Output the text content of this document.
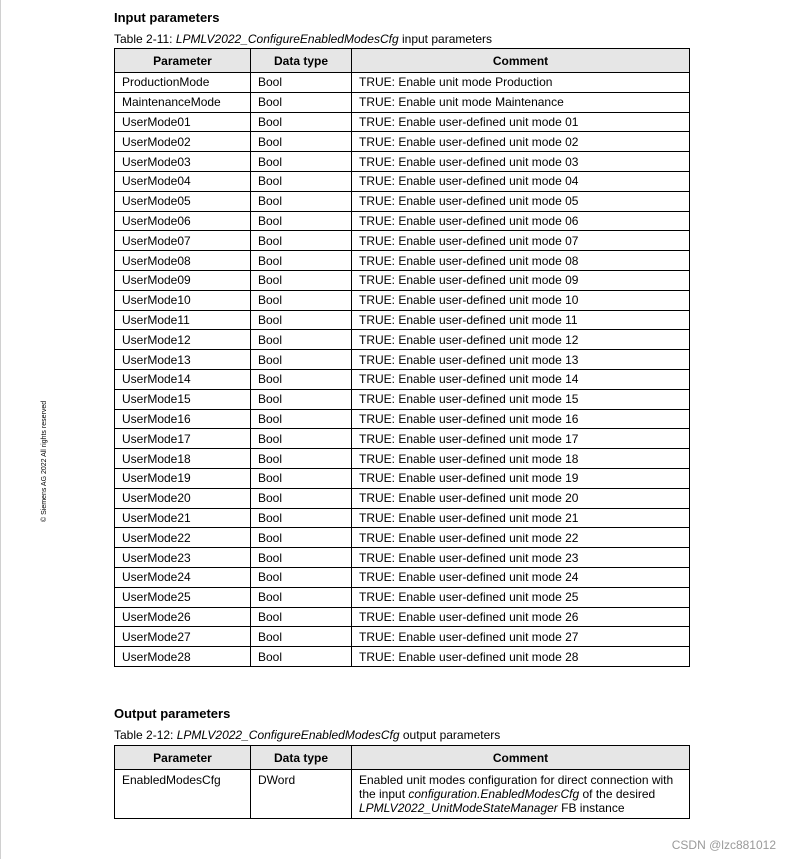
© Siemens AG 2022 All rights reserved
Input parameters
Table 2-11: LPMLV2022_ConfigureEnabledModesCfg input parameters
Parameter	Data type	Comment
ProductionMode	Bool	TRUE: Enable unit mode Production
MaintenanceMode	Bool	TRUE: Enable unit mode Maintenance
UserMode01	Bool	TRUE: Enable user-defined unit mode 01
UserMode02	Bool	TRUE: Enable user-defined unit mode 02
UserMode03	Bool	TRUE: Enable user-defined unit mode 03
UserMode04	Bool	TRUE: Enable user-defined unit mode 04
UserMode05	Bool	TRUE: Enable user-defined unit mode 05
UserMode06	Bool	TRUE: Enable user-defined unit mode 06
UserMode07	Bool	TRUE: Enable user-defined unit mode 07
UserMode08	Bool	TRUE: Enable user-defined unit mode 08
UserMode09	Bool	TRUE: Enable user-defined unit mode 09
UserMode10	Bool	TRUE: Enable user-defined unit mode 10
UserMode11	Bool	TRUE: Enable user-defined unit mode 11
UserMode12	Bool	TRUE: Enable user-defined unit mode 12
UserMode13	Bool	TRUE: Enable user-defined unit mode 13
UserMode14	Bool	TRUE: Enable user-defined unit mode 14
UserMode15	Bool	TRUE: Enable user-defined unit mode 15
UserMode16	Bool	TRUE: Enable user-defined unit mode 16
UserMode17	Bool	TRUE: Enable user-defined unit mode 17
UserMode18	Bool	TRUE: Enable user-defined unit mode 18
UserMode19	Bool	TRUE: Enable user-defined unit mode 19
UserMode20	Bool	TRUE: Enable user-defined unit mode 20
UserMode21	Bool	TRUE: Enable user-defined unit mode 21
UserMode22	Bool	TRUE: Enable user-defined unit mode 22
UserMode23	Bool	TRUE: Enable user-defined unit mode 23
UserMode24	Bool	TRUE: Enable user-defined unit mode 24
UserMode25	Bool	TRUE: Enable user-defined unit mode 25
UserMode26	Bool	TRUE: Enable user-defined unit mode 26
UserMode27	Bool	TRUE: Enable user-defined unit mode 27
UserMode28	Bool	TRUE: Enable user-defined unit mode 28
Output parameters
Table 2-12: LPMLV2022_ConfigureEnabledModesCfg output parameters
Parameter	Data type	Comment
EnabledModesCfg	DWord	Enabled unit modes configuration for direct connection with the input configuration.EnabledModesCfg of the desired LPMLV2022_UnitModeStateManager FB instance
CSDN @lzc881012
